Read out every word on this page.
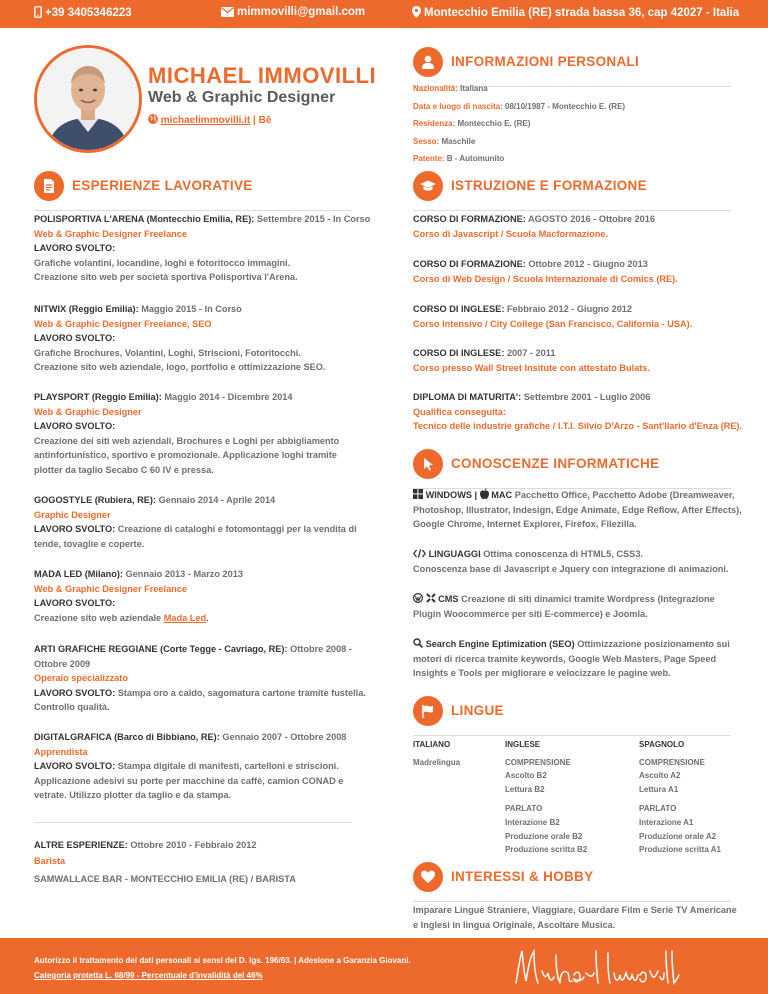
+39 3405346223	mimmovilli@gmail.com	Montecchio Emilia (RE) strada bassa 36, cap 42027 - Italia
MICHAEL IMMOVILLI
Web & Graphic Designer
michaelimmovilli.it | Bē
INFORMAZIONI PERSONALI
Nazionalità: Italiana
Data e luogo di nascita: 08/10/1987 - Montecchio E. (RE)
Residenza: Montecchio E. (RE)
Sesso: Maschile
Patente: B - Automunito
ESPERIENZE LAVORATIVE
POLISPORTIVA L'ARENA (Montecchio Emilia, RE): Settembre 2015 - In Corso
Web & Graphic Designer Freelance
LAVORO SVOLTO:
Grafiche volantini, locandine, loghi e fotoritocco immagini.
Creazione sito web per società sportiva Polisportiva l'Arena.
NITWIX (Reggio Emilia): Maggio 2015 - In Corso
Web & Graphic Designer Freelance, SEO
LAVORO SVOLTO:
Grafiche Brochures, Volantini, Loghi, Striscioni, Fotoritocchi.
Creazione sito web aziendale, logo, portfolio e ottimizzazione SEO.
PLAYSPORT (Reggio Emilia): Maggio 2014 - Dicembre 2014
Web & Graphic Designer
LAVORO SVOLTO:
Creazione dei siti web aziendali, Brochures e Loghi per abbigliamento
antinfortunistico, sportivo e promozionale. Applicazione loghi tramite
plotter da taglio Secabo C 60 IV e pressa.
GOGOSTYLE (Rubiera, RE): Gennaio 2014 - Aprile 2014
Graphic Designer
LAVORO SVOLTO: Creazione di cataloghi e fotomontaggi per la vendita di
tende, tovaglie e coperte.
MADA LED (Milano): Gennaio 2013 - Marzo 2013
Web & Graphic Designer Freelance
LAVORO SVOLTO:
Creazione sito web aziendale Mada Led.
ARTI GRAFICHE REGGIANE (Corte Tegge - Cavriago, RE): Ottobre 2008 -
Ottobre 2009
Operaio specializzato
LAVORO SVOLTO: Stampa oro a caldo, sagomatura cartone tramite fustella.
Controllo qualità.
DIGITALGRAFICA (Barco di Bibbiano, RE): Gennaio 2007 - Ottobre 2008
Apprendista
LAVORO SVOLTO: Stampa digitale di manifesti, cartelloni e striscioni.
Applicazione adesivi su porte per macchine da caffè, camion CONAD e
vetrate. Utilizzo plotter da taglio e da stampa.
ALTRE ESPERIENZE: Ottobre 2010 - Febbraio 2012
Barista
SAMWALLACE BAR - MONTECCHIO EMILIA (RE) / BARISTA
ISTRUZIONE E FORMAZIONE
CORSO DI FORMAZIONE: AGOSTO 2016 - Ottobre 2016
Corso di Javascript / Scuola Macformazione.
CORSO DI FORMAZIONE: Ottobre 2012 - Giugno 2013
Corso di Web Design / Scuola Internazionale di Comics (RE).
CORSO DI INGLESE: Febbraio 2012 - Giugno 2012
Corso Intensivo / City College (San Francisco, California - USA).
CORSO DI INGLESE: 2007 - 2011
Corso presso Wall Street Insitute con attestato Bulats.
DIPLOMA DI MATURITA': Settembre 2001 - Luglio 2006
Qualifica conseguita:
Tecnico delle industrie grafiche / I.T.I. Silvio D'Arzo - Sant'Ilario d'Enza (RE).
CONOSCENZE INFORMATICHE
WINDOWS | MAC Pacchetto Office, Pacchetto Adobe (Dreamweaver,
Photoshop, Illustrator, Indesign, Edge Animate, Edge Reflow, After Effects),
Google Chrome, Internet Explorer, Firefox, Filezilla.
LINGUAGGI Ottima conoscenza di HTML5, CSS3.
Conoscenza base di Javascript e Jquery con integrazione di animazioni.
CMS Creazione di siti dinamici tramite Wordpress (Integrazione
Plugin Woocommerce per siti E-commerce) e Joomla.
Search Engine Eptimization (SEO) Ottimizzazione posizionamento sui
motori di ricerca tramite keywords, Google Web Masters, Page Speed
Insights e Tools per migliorare e velocizzare le pagine web.
LINGUE
ITALIANO
Madrelingua
INGLESE
COMPRENSIONE
Ascolto B2
Lettura B2
PARLATO
Interazione B2
Produzione orale B2
Produzione scritta B2
SPAGNOLO
COMPRENSIONE
Ascolto A2
Lettura A1
PARLATO
Interazione A1
Produzione orale A2
Produzione scritta A1
INTERESSI & HOBBY
Imparare Lingue Straniere, Viaggiare, Guardare Film e Serie TV Americane
e Inglesi in lingua Originale, Ascoltare Musica.
Autorizzo il trattamento dei dati personali ai sensi del D. lgs. 196/03. | Adesione a Garanzia Giovani.
Categoria protetta L. 68/99 - Percentuale d'invalidità del 46%
